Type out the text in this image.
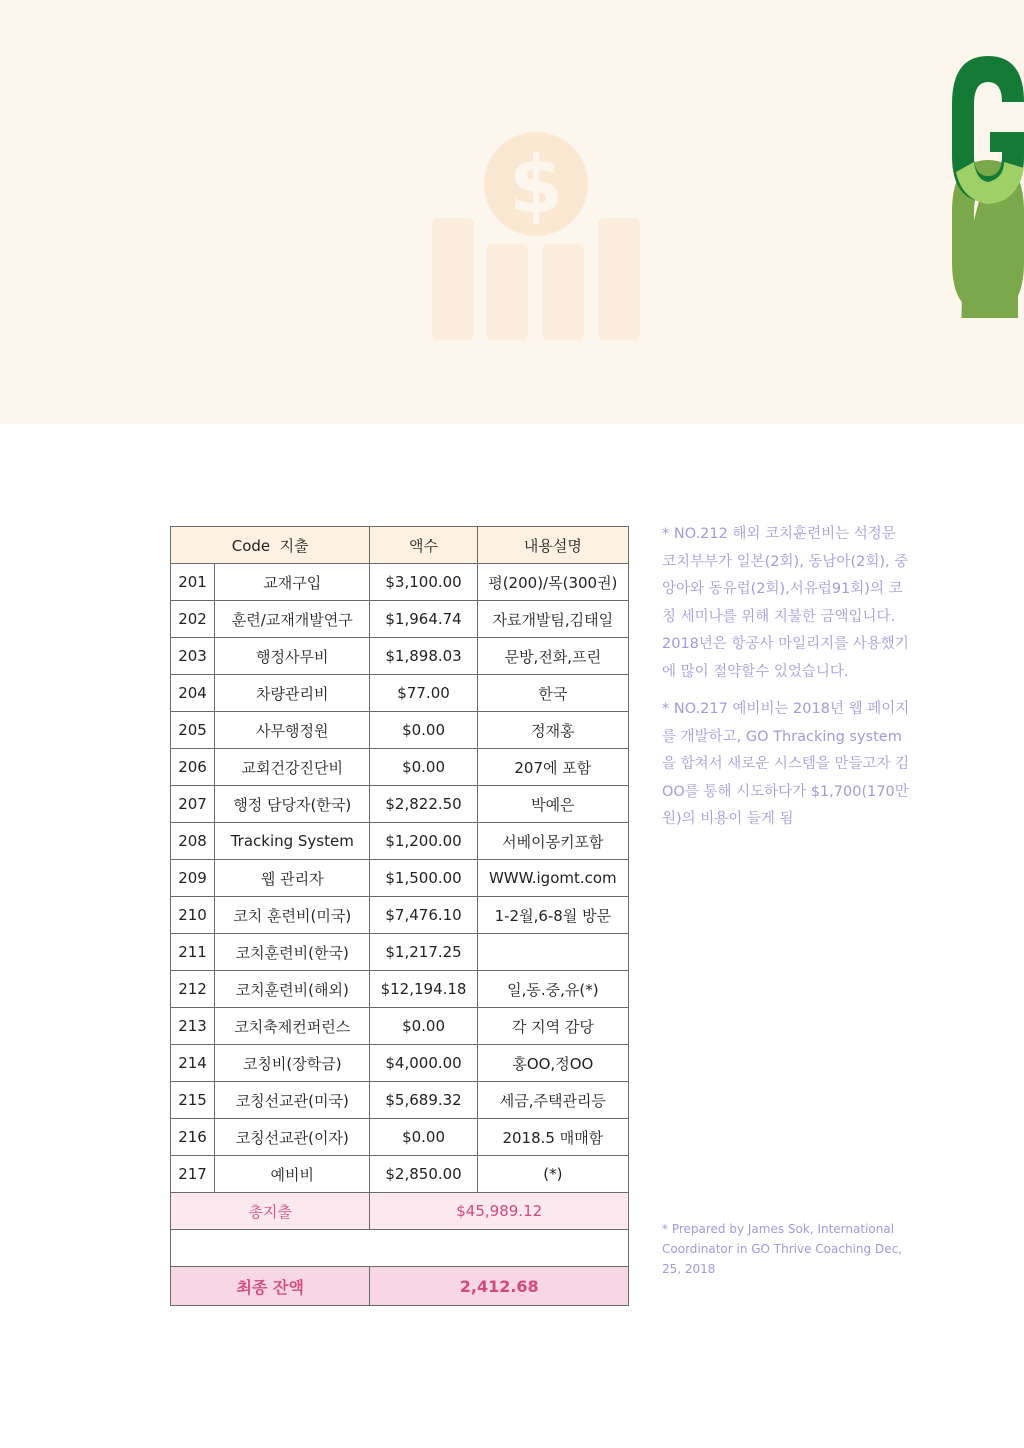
$
Code  지출		액수	내용설명
201	교재구입	$3,100.00	평(200)/목(300권)
202	훈련/교재개발연구	$1,964.74	자료개발팀,김태일
203	행정사무비	$1,898.03	문방,전화,프린
204	차량관리비	$77.00	한국
205	사무행정원	$0.00	정재홍
206	교회건강진단비	$0.00	207에 포함
207	행정 담당자(한국)	$2,822.50	박예은
208	Tracking System	$1,200.00	서베이몽키포함
209	웹 관리자	$1,500.00	WWW.igomt.com
210	코치 훈련비(미국)	$7,476.10	1-2월,6-8월 방문
211	코치훈련비(한국)	$1,217.25	
212	코치훈련비(해외)	$12,194.18	일,동.중,유(*)
213	코치축제컨퍼런스	$0.00	각 지역 감당
214	코칭비(장학금)	$4,000.00	홍OO,정OO
215	코칭선교관(미국)	$5,689.32	세금,주택관리등
216	코칭선교관(이자)	$0.00	2018.5 매매함
217	예비비	$2,850.00	(*)
총지출		$45,989.12	

최종 잔액		2,412.68	

* NO.212 해외 코치훈련비는 석정문 코치부부가 일본(2회), 동남아(2회), 중앙아와 동유럽(2회),서유럽91회)의 코칭 세미나를 위해 지불한 금액입니다. 2018년은 항공사 마일리지를 사용했기에 많이 절약할수 있었습니다.

* NO.217 예비비는 2018년 웹 페이지를 개발하고, GO Thracking system을 합쳐서 새로운 시스템을 만들고자 김OO를 통해 시도하다가 $1,700(170만원)의 비용이 들게 됨

* Prepared by James Sok, International Coordinator in GO Thrive Coaching Dec, 25, 2018
